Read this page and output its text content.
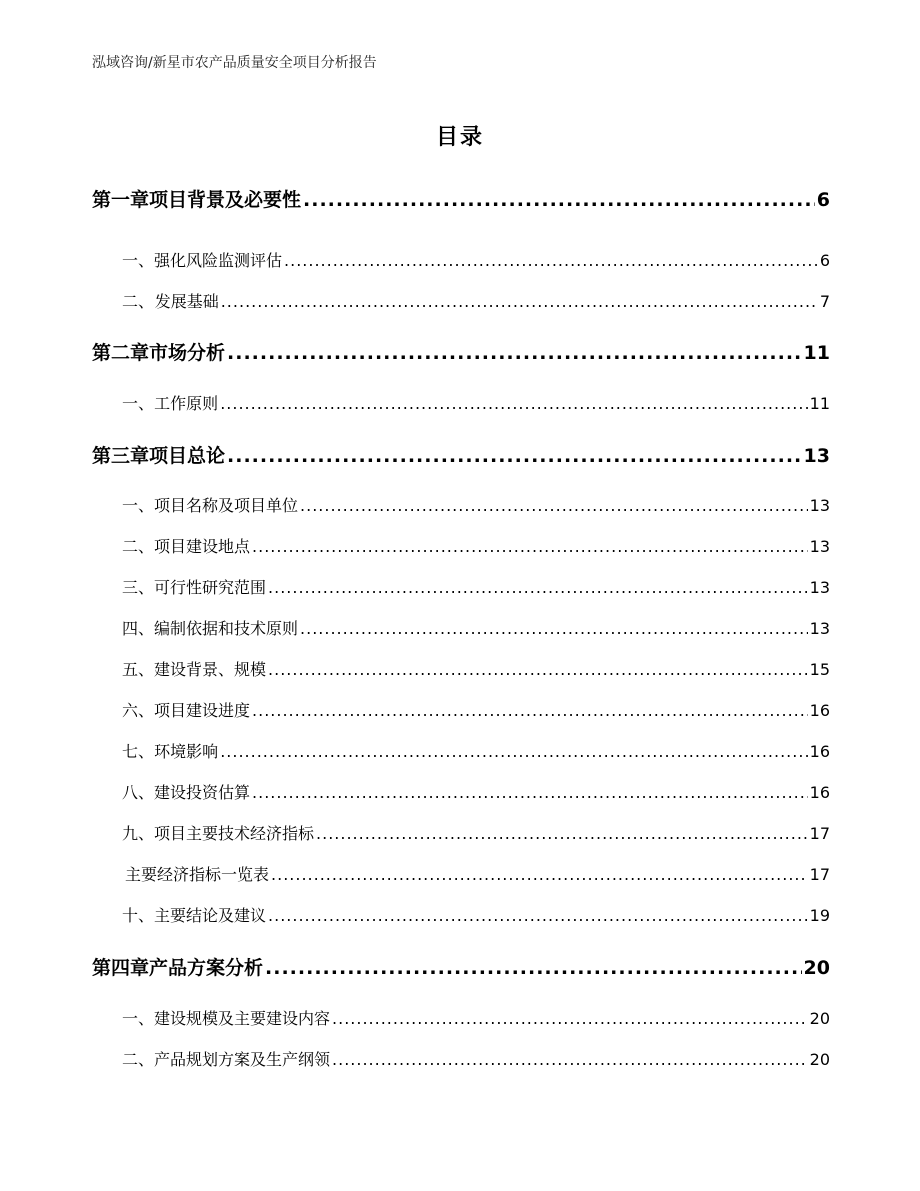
泓域咨询/新星市农产品质量安全项目分析报告
目录
第一章 项目背景及必要性 .....	6
一、 强化风险监测评估 .....	6
二、 发展基础 .....	7
第二章 市场分析 .....	11
一、 工作原则 .....	11
第三章 项目总论 .....	13
一、 项目名称及项目单位 .....	13
二、 项目建设地点 .....	13
三、 可行性研究范围 .....	13
四、 编制依据和技术原则 .....	13
五、 建设背景、规模 .....	15
六、 项目建设进度 .....	16
七、 环境影响 .....	16
八、 建设投资估算 .....	16
九、 项目主要技术经济指标 .....	17
主要经济指标一览表 .....	17
十、 主要结论及建议 .....	19
第四章 产品方案分析 .....	20
一、 建设规模及主要建设内容 .....	20
二、 产品规划方案及生产纲领 .....	20
